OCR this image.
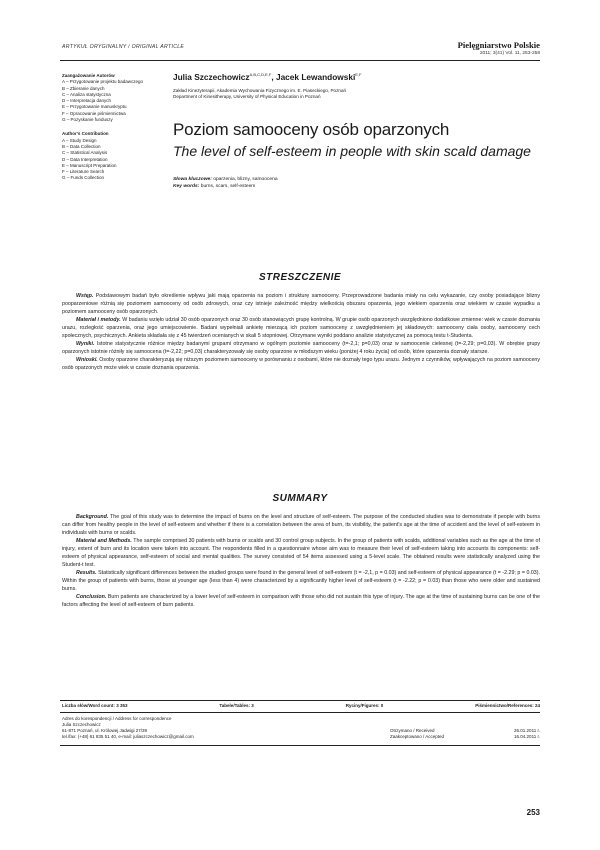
ARTYKUŁ ORYGINALNY / ORIGINAL ARTICLE	Pielęgniarstwo Polskie
2011; 3(41) Vol. 11, 253-258
Zaangażowanie Autorów
A – Przygotowanie projektu badawczego
B – Zbieranie danych
C – Analiza statystyczna
D – Interpretacja danych
E – Przygotowanie manuskryptu
F – Opracowanie piśmiennictwa
G – Pozyskanie funduszy
Author's Contribution
A – Study Design
B – Data Collection
C – Statistical Analysis
D – Data Interpretation
E – Manuscript Preparation
F – Literature Search
G – Funds Collection
Julia Szczechowicz$^{A,B,C,D,E,F}$, Jacek Lewandowski$^{E,F}$
Zakład Kinezyterapii, Akademia Wychowania Fizycznego im. E. Piaseckiego, Poznań
Department of Kinesitherapy, University of Physical Education in Poznań
Poziom samooceny osób oparzonych
The level of self-esteem in people with skin scald damage
Słowa kluczowe: oparzenia, blizny, samoocena
Key words: burns, scars, self-esteem
STRESZCZENIE

Wstęp. Podstawowym badań było określenie wpływu jaki mają oparzenia na poziom i strukturę samooceny. Przeprowadzone badania miały na celu wykazanie, czy osoby posiadające blizny pooparzeniowe różnią się poziomem samooceny od osób zdrowych, oraz czy istnieje zależność między wielkością obszaru oparzenia, jego wiekiem oparzenia oraz wiekiem w czasie wypadku a poziomem samooceny osób oparzonych.

Materiał i metody. W badaniu wzięło udział 30 osób oparzonych oraz 30 osób stanowiących grupę kontrolną. W grupie osób oparzonych uwzględniono dodatkowe zmienne: wiek w czasie doznania urazu, rozległość oparzenia, oraz jego umiejscowienie. Badani wypełniali ankietę mierzącą ich poziom samooceny z uwzględnieniem jej składowych: samooceny ciała osoby, samooceny cech społecznych, psychicznych. Ankieta składała się z 45 twierdzeń ocenianych w skali 5 stopniowej. Otrzymane wyniki poddano analizie statystycznej za pomocą testu t-Studenta.

Wyniki. Istotne statystycznie różnice między badanymi grupami otrzymano w ogólnym poziomie samooceny (t=-2,1; p=0,03) oraz w samoocenie cielesnej (t=-2,29; p=0,03). W obrębie grupy oparzonych istotnie różniły się samoocena (t=-2,22; p=0,03) charakteryzowały się osoby oparzone w młodszym wieku (poniżej 4 roku życia) od osób, które oparzenia doznały starsze.

Wnioski. Osoby oparzone charakteryzują się niższym poziomem samooceny w porównaniu z osobami, które nie doznały tego typu urazu. Jednym z czynników, wpływających na poziom samooceny osób oparzonych może wiek w czasie doznania oparzenia.

SUMMARY

Background. The goal of this study was to determine the impact of burns on the level and structure of self-esteem. The purpose of the conducted studies was to demonstrate if people with burns can differ from healthy people in the level of self-esteem and whether if there is a correlation between the area of burn, its visibility, the patient's age at the time of accident and the level of self-esteem in individuals with burns or scalds.

Material and Methods. The sample comprised 30 patients with burns or scalds and 30 control group subjects. In the group of patients with scalds, additional variables such as the age at the time of injury, extent of burn and its location were taken into account. The respondents filled in a questionnaire whose aim was to measure their level of self-esteem taking into accounts its components: self-esteem of physical appearance, self-esteem of social and mental qualities. The survey consisted of 54 items assessed using a 5-level scale. The obtained results were statistically analyzed using the Student-t test.

Results. Statistically significant differences between the studied groups were found in the general level of self-esteem (t = -2,1, p = 0.03) and self-esteem of physical appearance (t = -2.29; p = 0.03). Within the group of patients with burns, those at younger age (less than 4) were characterized by a significantly higher level of self-esteem (t = -2.22; p = 0.03) than those who were older and sustained burns.

Conclusion. Burn patients are characterized by a lower level of self-esteem in comparison with those who did not sustain this type of injury. The age at the time of sustaining burns can be one of the factors affecting the level of self-esteem of burn patients.

Liczba słów/Word count: 3 353	Tabele/Tables: 3	Ryciny/Figures: 0	Piśmiennictwo/References: 24
Adres do korespondencji / Address for correspondence
Julia Szczechowicz
61-871 Poznań, ul. Królowej Jadwigi 27/39
tel./fax: (+48) 61 835 51 40, e-mail: juliaszczechowicz@gmail.com
Otrzymano / Received	26.01.2011 r.
Zaakceptowano / Accepted	16.04.2011 r.
253
